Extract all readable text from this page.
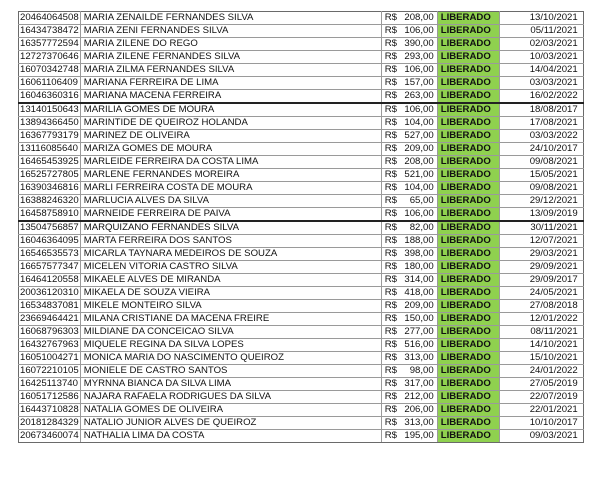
20464064508	MARIA ZENAILDE FERNANDES SILVA	R$	208,00	LIBERADO	13/10/2021
16434738472	MARIA ZENI FERNANDES SILVA	R$	106,00	LIBERADO	05/11/2021
16357772594	MARIA ZILENE DO REGO	R$	390,00	LIBERADO	02/03/2021
12727370646	MARIA ZILENE FERNANDES SILVA	R$	293,00	LIBERADO	10/03/2021
16070342748	MARIA ZILMA FERNANDES SILVA	R$	106,00	LIBERADO	14/04/2021
16061106409	MARIANA FERREIRA DE LIMA	R$	157,00	LIBERADO	03/03/2021
16046360316	MARIANA MACENA FERREIRA	R$	263,00	LIBERADO	16/02/2022
13140150643	MARILIA GOMES DE MOURA	R$	106,00	LIBERADO	18/08/2017
13894366450	MARINTIDE DE QUEIROZ HOLANDA	R$	104,00	LIBERADO	17/08/2021
16367793179	MARINEZ DE OLIVEIRA	R$	527,00	LIBERADO	03/03/2022
13116085640	MARIZA GOMES DE MOURA	R$	209,00	LIBERADO	24/10/2017
16465453925	MARLEIDE FERREIRA DA COSTA LIMA	R$	208,00	LIBERADO	09/08/2021
16525727805	MARLENE FERNANDES MOREIRA	R$	521,00	LIBERADO	15/05/2021
16390346816	MARLI FERREIRA COSTA DE MOURA	R$	104,00	LIBERADO	09/08/2021
16388246320	MARLUCIA ALVES DA SILVA	R$	65,00	LIBERADO	29/12/2021
16458758910	MARNEIDE FERREIRA DE PAIVA	R$	106,00	LIBERADO	13/09/2019
13504756857	MARQUIZANO FERNANDES SILVA	R$	82,00	LIBERADO	30/11/2021
16046364095	MARTA FERREIRA DOS SANTOS	R$	188,00	LIBERADO	12/07/2021
16546535573	MICARLA TAYNARA MEDEIROS DE SOUZA	R$	398,00	LIBERADO	29/03/2021
16657577347	MICELEN VITORIA CASTRO SILVA	R$	180,00	LIBERADO	29/09/2021
16464120558	MIKAELE ALVES DE MIRANDA	R$	314,00	LIBERADO	29/09/2017
20036120310	MIKAELA DE SOUZA VIEIRA	R$	418,00	LIBERADO	24/05/2021
16534837081	MIKELE MONTEIRO SILVA	R$	209,00	LIBERADO	27/08/2018
23669464421	MILANA CRISTIANE DA MACENA FREIRE	R$	150,00	LIBERADO	12/01/2022
16068796303	MILDIANE DA CONCEICAO SILVA	R$	277,00	LIBERADO	08/11/2021
16432767963	MIQUELE REGINA DA SILVA LOPES	R$	516,00	LIBERADO	14/10/2021
16051004271	MONICA MARIA DO NASCIMENTO QUEIROZ	R$	313,00	LIBERADO	15/10/2021
16072210105	MONIELE DE CASTRO SANTOS	R$	98,00	LIBERADO	24/01/2022
16425113740	MYRNNA BIANCA DA SILVA LIMA	R$	317,00	LIBERADO	27/05/2019
16051712586	NAJARA RAFAELA RODRIGUES DA SILVA	R$	212,00	LIBERADO	22/07/2019
16443710828	NATALIA GOMES DE OLIVEIRA	R$	206,00	LIBERADO	22/01/2021
20181284329	NATALIO JUNIOR ALVES DE QUEIROZ	R$	313,00	LIBERADO	10/10/2017
20673460074	NATHALIA LIMA DA COSTA	R$	195,00	LIBERADO	09/03/2021
